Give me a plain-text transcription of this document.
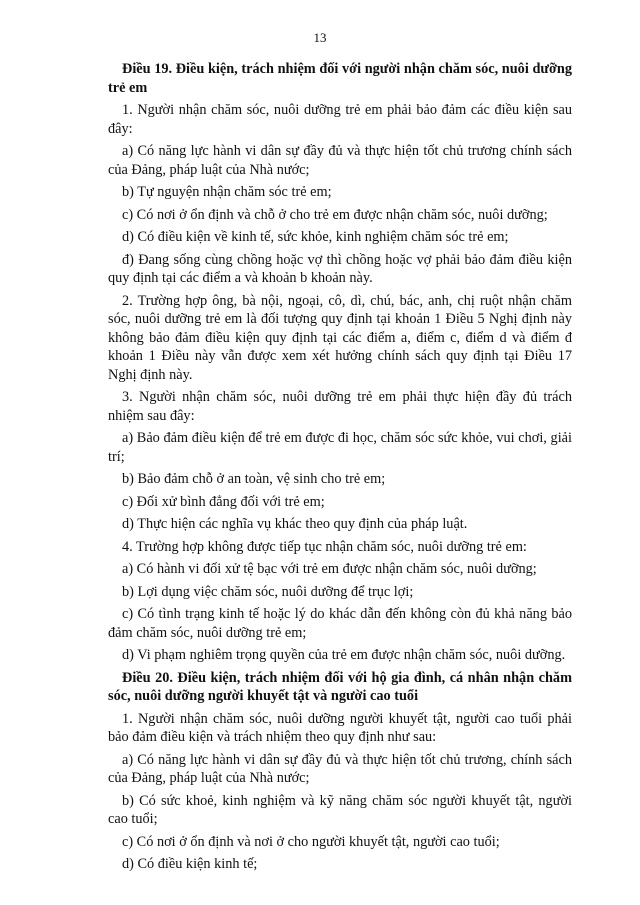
13

Điều 19. Điều kiện, trách nhiệm đối với người nhận chăm sóc, nuôi dưỡng trẻ em

1. Người nhận chăm sóc, nuôi dưỡng trẻ em phải bảo đảm các điều kiện sau đây:

a) Có năng lực hành vi dân sự đầy đủ và thực hiện tốt chủ trương chính sách của Đảng, pháp luật của Nhà nước;

b) Tự nguyện nhận chăm sóc trẻ em;

c) Có nơi ở ổn định và chỗ ở cho trẻ em được nhận chăm sóc, nuôi dưỡng;

d) Có điều kiện về kinh tế, sức khỏe, kinh nghiệm chăm sóc trẻ em;

đ) Đang sống cùng chồng hoặc vợ thì chồng hoặc vợ phải bảo đảm điều kiện quy định tại các điểm a và khoản b khoản này.

2. Trường hợp ông, bà nội, ngoại, cô, dì, chú, bác, anh, chị ruột nhận chăm sóc, nuôi dưỡng trẻ em là đối tượng quy định tại khoản 1 Điều 5 Nghị định này không bảo đảm điều kiện quy định tại các điểm a, điểm c, điểm d và điểm đ khoản 1 Điều này vẫn được xem xét hưởng chính sách quy định tại Điều 17 Nghị định này.

3. Người nhận chăm sóc, nuôi dưỡng trẻ em phải thực hiện đầy đủ trách nhiệm sau đây:

a) Bảo đảm điều kiện để trẻ em được đi học, chăm sóc sức khỏe, vui chơi, giải trí;

b) Bảo đảm chỗ ở an toàn, vệ sinh cho trẻ em;

c) Đối xử bình đẳng đối với trẻ em;

d) Thực hiện các nghĩa vụ khác theo quy định của pháp luật.

4. Trường hợp không được tiếp tục nhận chăm sóc, nuôi dưỡng trẻ em:

a) Có hành vi đối xử tệ bạc với trẻ em được nhận chăm sóc, nuôi dưỡng;

b) Lợi dụng việc chăm sóc, nuôi dưỡng để trục lợi;

c) Có tình trạng kinh tế hoặc lý do khác dẫn đến không còn đủ khả năng bảo đảm chăm sóc, nuôi dưỡng trẻ em;

d) Vi phạm nghiêm trọng quyền của trẻ em được nhận chăm sóc, nuôi dưỡng.

Điều 20. Điều kiện, trách nhiệm đối với hộ gia đình, cá nhân nhận chăm sóc, nuôi dưỡng người khuyết tật và người cao tuổi

1. Người nhận chăm sóc, nuôi dưỡng người khuyết tật, người cao tuổi phải bảo đảm điều kiện và trách nhiệm theo quy định như sau:

a) Có năng lực hành vi dân sự đầy đủ và thực hiện tốt chủ trương, chính sách của Đảng, pháp luật của Nhà nước;

b) Có sức khoẻ, kinh nghiệm và kỹ năng chăm sóc người khuyết tật, người cao tuổi;

c) Có nơi ở ổn định và nơi ở cho người khuyết tật, người cao tuổi;

d) Có điều kiện kinh tế;
